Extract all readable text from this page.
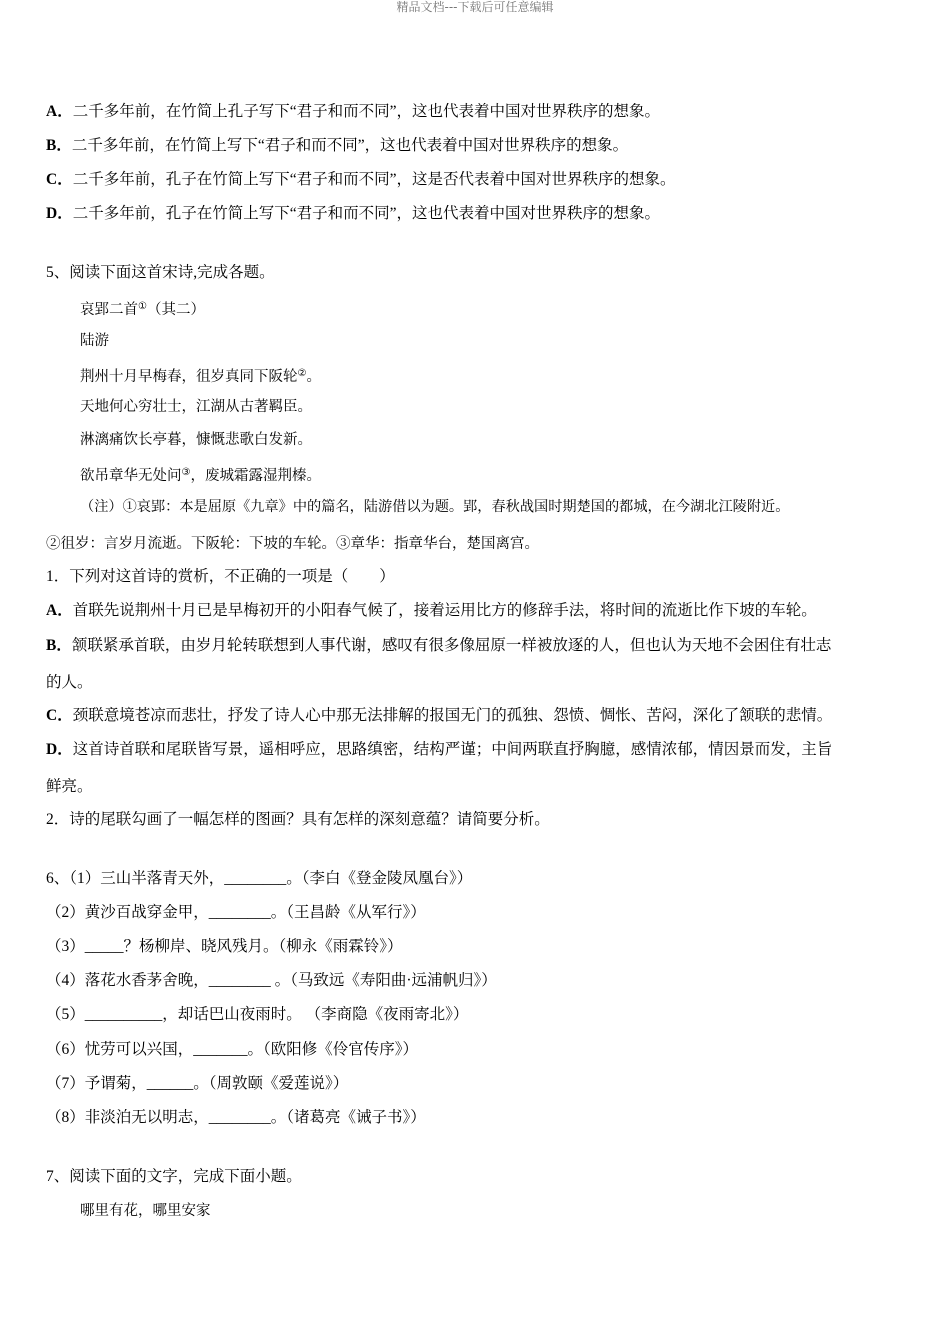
精品文档---下载后可任意编辑
A．二千多年前，在竹简上孔子写下“君子和而不同”，这也代表着中国对世界秩序的想象。
B．二千多年前，在竹简上写下“君子和而不同”，这也代表着中国对世界秩序的想象。
C．二千多年前，孔子在竹简上写下“君子和而不同”，这是否代表着中国对世界秩序的想象。
D．二千多年前，孔子在竹简上写下“君子和而不同”，这也代表着中国对世界秩序的想象。
5、阅读下面这首宋诗,完成各题。
哀郢二首①（其二）
陆游
荆州十月早梅春，徂岁真同下阪轮②。
天地何心穷壮士，江湖从古著羁臣。
淋漓痛饮长亭暮，慷慨悲歌白发新。
欲吊章华无处问③，废城霜露湿荆榛。
（注）①哀郢：本是屈原《九章》中的篇名，陆游借以为题。郢，春秋战国时期楚国的都城，在今湖北江陵附近。
②徂岁：言岁月流逝。下阪轮：下坡的车轮。③章华：指章华台，楚国离宫。
1．下列对这首诗的赏析，不正确的一项是（　　）
A．首联先说荆州十月已是早梅初开的小阳春气候了，接着运用比方的修辞手法，将时间的流逝比作下坡的车轮。
B．颔联紧承首联，由岁月轮转联想到人事代谢，感叹有很多像屈原一样被放逐的人，但也认为天地不会困住有壮志
的人。
C．颈联意境苍凉而悲壮，抒发了诗人心中那无法排解的报国无门的孤独、怨愤、惆怅、苦闷，深化了颔联的悲情。
D．这首诗首联和尾联皆写景，遥相呼应，思路缜密，结构严谨；中间两联直抒胸臆，感情浓郁，情因景而发，主旨
鲜亮。
2．诗的尾联勾画了一幅怎样的图画？具有怎样的深刻意蕴？请简要分析。
6、（1）三山半落青天外，________。（李白《登金陵凤凰台》）
（2）黄沙百战穿金甲，________。（王昌龄《从军行》）
（3）_____？杨柳岸、晓风残月。（柳永《雨霖铃》）
（4）落花水香茅舍晚，________ 。（马致远《寿阳曲·远浦帆归》）
（5）__________，却话巴山夜雨时。 （李商隐《夜雨寄北》）
（6）忧劳可以兴国，_______。（欧阳修《伶官传序》）
（7）予谓菊，______。（周敦颐《爱莲说》）
（8）非淡泊无以明志，________。（诸葛亮《诫子书》）
7、阅读下面的文字，完成下面小题。
哪里有花，哪里安家
